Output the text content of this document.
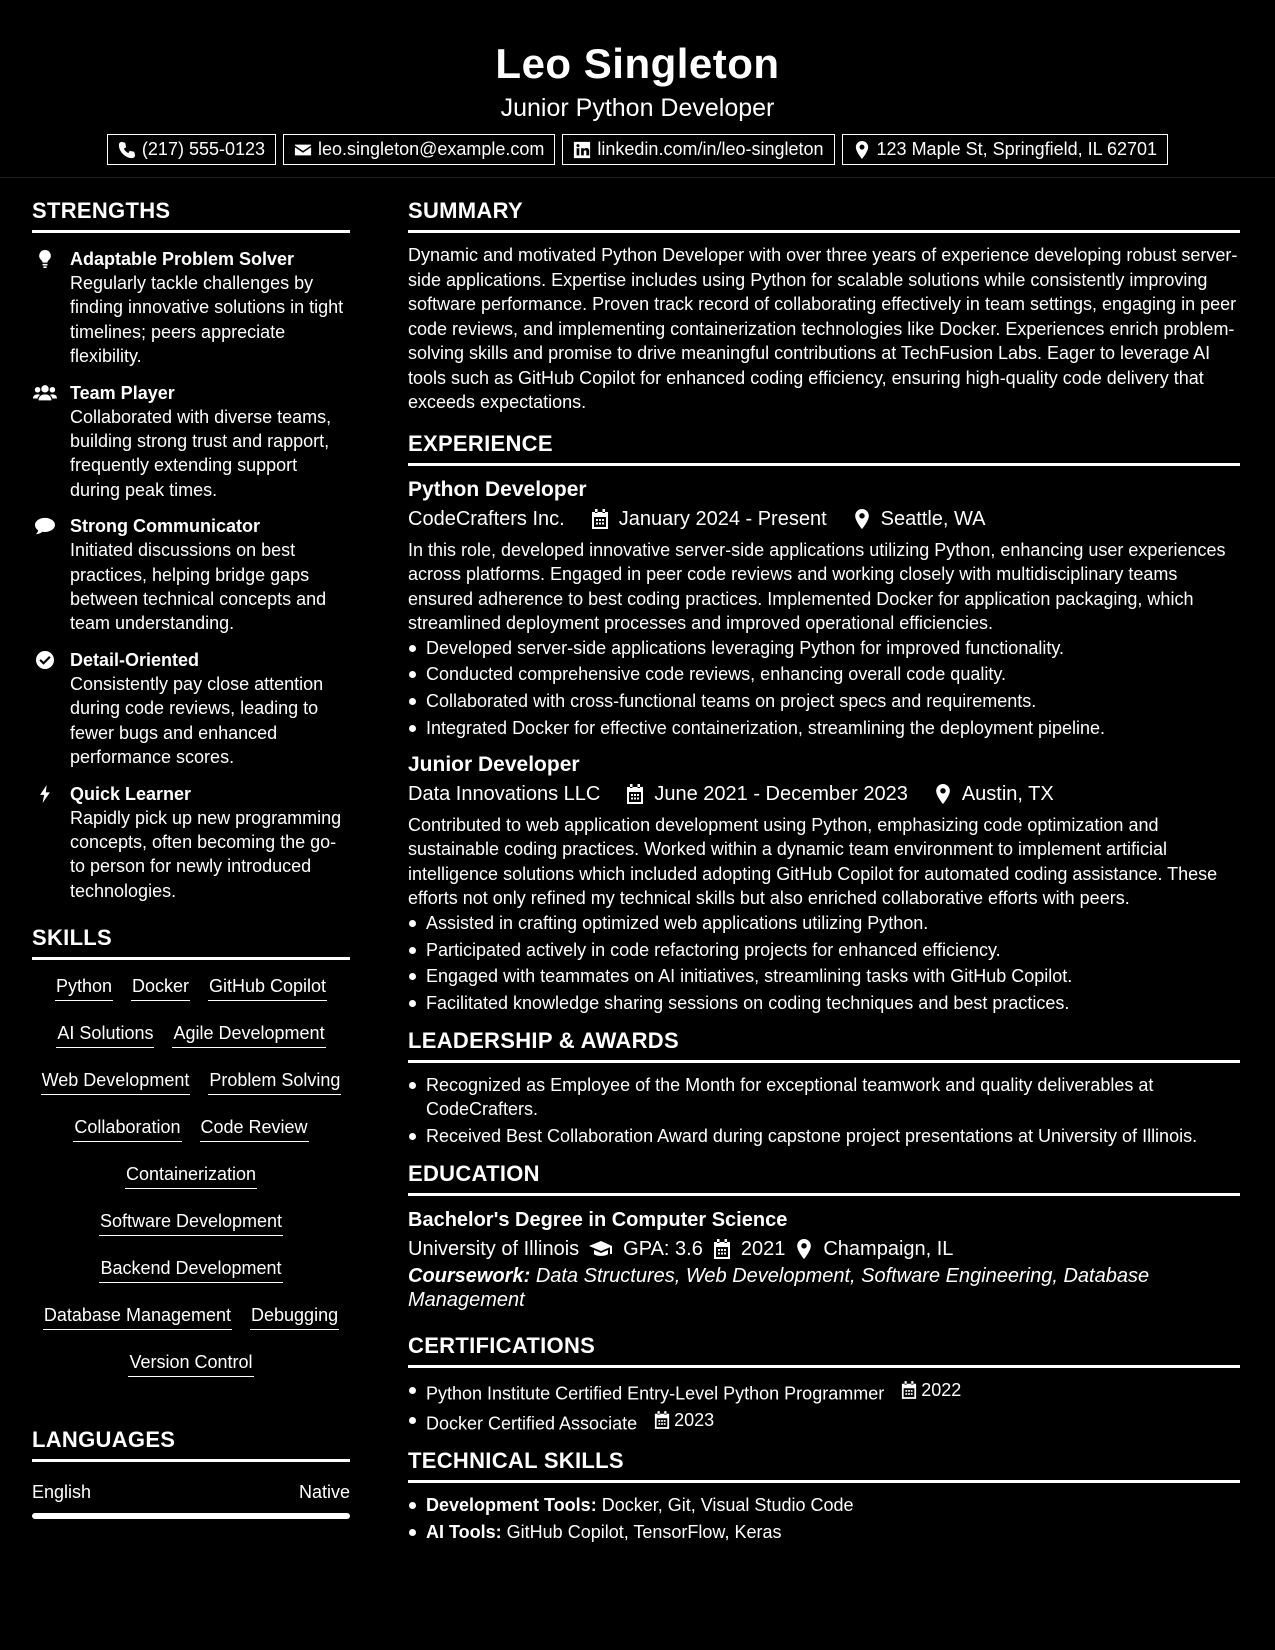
Leo Singleton
Junior Python Developer
(217) 555-0123	leo.singleton@example.com	linkedin.com/in/leo-singleton	123 Maple St, Springfield, IL 62701
STRENGTHS
Adaptable Problem Solver
Regularly tackle challenges by finding innovative solutions in tight timelines; peers appreciate flexibility.
Team Player
Collaborated with diverse teams, building strong trust and rapport, frequently extending support during peak times.
Strong Communicator
Initiated discussions on best practices, helping bridge gaps between technical concepts and team understanding.
Detail-Oriented
Consistently pay close attention during code reviews, leading to fewer bugs and enhanced performance scores.
Quick Learner
Rapidly pick up new programming concepts, often becoming the go-to person for newly introduced technologies.
SKILLS
Python Docker GitHub Copilot
AI Solutions Agile Development
Web Development Problem Solving
Collaboration Code Review
Containerization
Software Development
Backend Development
Database Management Debugging
Version Control
LANGUAGES
English	Native
SUMMARY
Dynamic and motivated Python Developer with over three years of experience developing robust server-side applications. Expertise includes using Python for scalable solutions while consistently improving software performance. Proven track record of collaborating effectively in team settings, engaging in peer code reviews, and implementing containerization technologies like Docker. Experiences enrich problem-solving skills and promise to drive meaningful contributions at TechFusion Labs. Eager to leverage AI tools such as GitHub Copilot for enhanced coding efficiency, ensuring high-quality code delivery that exceeds expectations.
EXPERIENCE
Python Developer
CodeCrafters Inc.	January 2024 - Present	Seattle, WA
In this role, developed innovative server-side applications utilizing Python, enhancing user experiences across platforms. Engaged in peer code reviews and working closely with multidisciplinary teams ensured adherence to best coding practices. Implemented Docker for application packaging, which streamlined deployment processes and improved operational efficiencies.
Developed server-side applications leveraging Python for improved functionality.
Conducted comprehensive code reviews, enhancing overall code quality.
Collaborated with cross-functional teams on project specs and requirements.
Integrated Docker for effective containerization, streamlining the deployment pipeline.
Junior Developer
Data Innovations LLC	June 2021 - December 2023	Austin, TX
Contributed to web application development using Python, emphasizing code optimization and sustainable coding practices. Worked within a dynamic team environment to implement artificial intelligence solutions which included adopting GitHub Copilot for automated coding assistance. These efforts not only refined my technical skills but also enriched collaborative efforts with peers.
Assisted in crafting optimized web applications utilizing Python.
Participated actively in code refactoring projects for enhanced efficiency.
Engaged with teammates on AI initiatives, streamlining tasks with GitHub Copilot.
Facilitated knowledge sharing sessions on coding techniques and best practices.
LEADERSHIP & AWARDS
Recognized as Employee of the Month for exceptional teamwork and quality deliverables at CodeCrafters.
Received Best Collaboration Award during capstone project presentations at University of Illinois.
EDUCATION
Bachelor's Degree in Computer Science
University of Illinois GPA: 3.6 2021 Champaign, IL
Coursework: Data Structures, Web Development, Software Engineering, Database Management
CERTIFICATIONS
Python Institute Certified Entry-Level Python Programmer 2022
Docker Certified Associate 2023
TECHNICAL SKILLS
Development Tools: Docker, Git, Visual Studio Code
AI Tools: GitHub Copilot, TensorFlow, Keras
